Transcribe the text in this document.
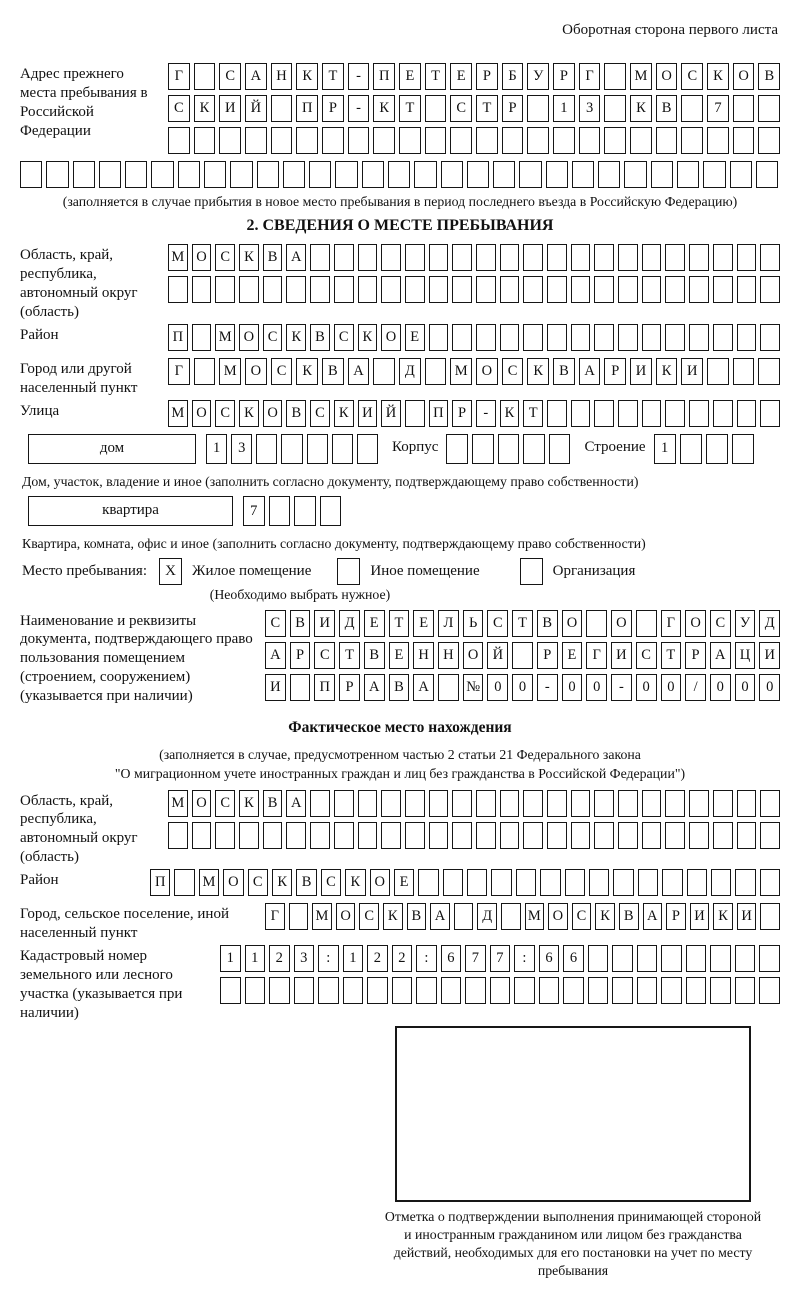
Оборотная сторона первого листа
Адрес прежнего места пребывания в Российской Федерации
Г	С	А	Н	К	Т	-	П	Е	Т	Е	Р	Б	У	Р	Г	М О	С	К	О	В
С	К	И	Й	П	Р	-	К	Т	С	Т	Р	1	3	К	В	7
(заполняется в случае прибытия в новое место пребывания в период последнего въезда в Российскую Федерацию)
2. СВЕДЕНИЯ О МЕСТЕ ПРЕБЫВАНИЯ
Область, край, республика, автономный округ (область)
М О С К В А
Район	П	М О С К В С К О Е
Город или другой населенный пункт
Г	М О	С	К	В	А	Д	М О	С	К	В	А	Р	И	К	И
Улица	М О С К О В С К И Й	П Р	-	К Т
дом	1	3	Корпус	Строение	1
Дом, участок, владение и иное (заполнить согласно документу, подтверждающему право собственности)
квартира	7
Квартира, комната, офис и иное (заполнить согласно документу, подтверждающему право собственности)
Место пребывания:	X	Жилое помещение	Иное помещение	Организация
(Необходимо выбрать нужное)
Наименование и реквизиты документа, подтверждающего право пользования помещением (строением, сооружением) (указывается при наличии)
С	В	И	Д	Е	Т	Е	Л	Ь	С	Т	В	О	О	Г	О	С	У	Д
А	Р	С	Т	В	Е	Н Н О Й	Р	Е	Г	И	С	Т	Р	А Ц И
И	П	Р	А	В	А	№ 0	0	-	0	0	-	0	0	/	0	0	0
Фактическое место нахождения
(заполняется в случае, предусмотренном частью 2 статьи 21 Федерального закона
"О миграционном учете иностранных граждан и лиц без гражданства в Российской Федерации")
Область, край, республика, автономный округ (область)
М О С К В А
Район	П	М О С	К	В	С	К О	Е
Город, сельское поселение, иной населенный пункт
Г	М О С К В А	Д	М О С К В А Р И К И
Кадастровый номер земельного или лесного участка (указывается при наличии)
1	1	2	3	:	1	2	2	:	6	7	7	:	6	6
Отметка о подтверждении выполнения принимающей стороной и иностранным гражданином или лицом без гражданства действий, необходимых для его постановки на учет по месту пребывания
